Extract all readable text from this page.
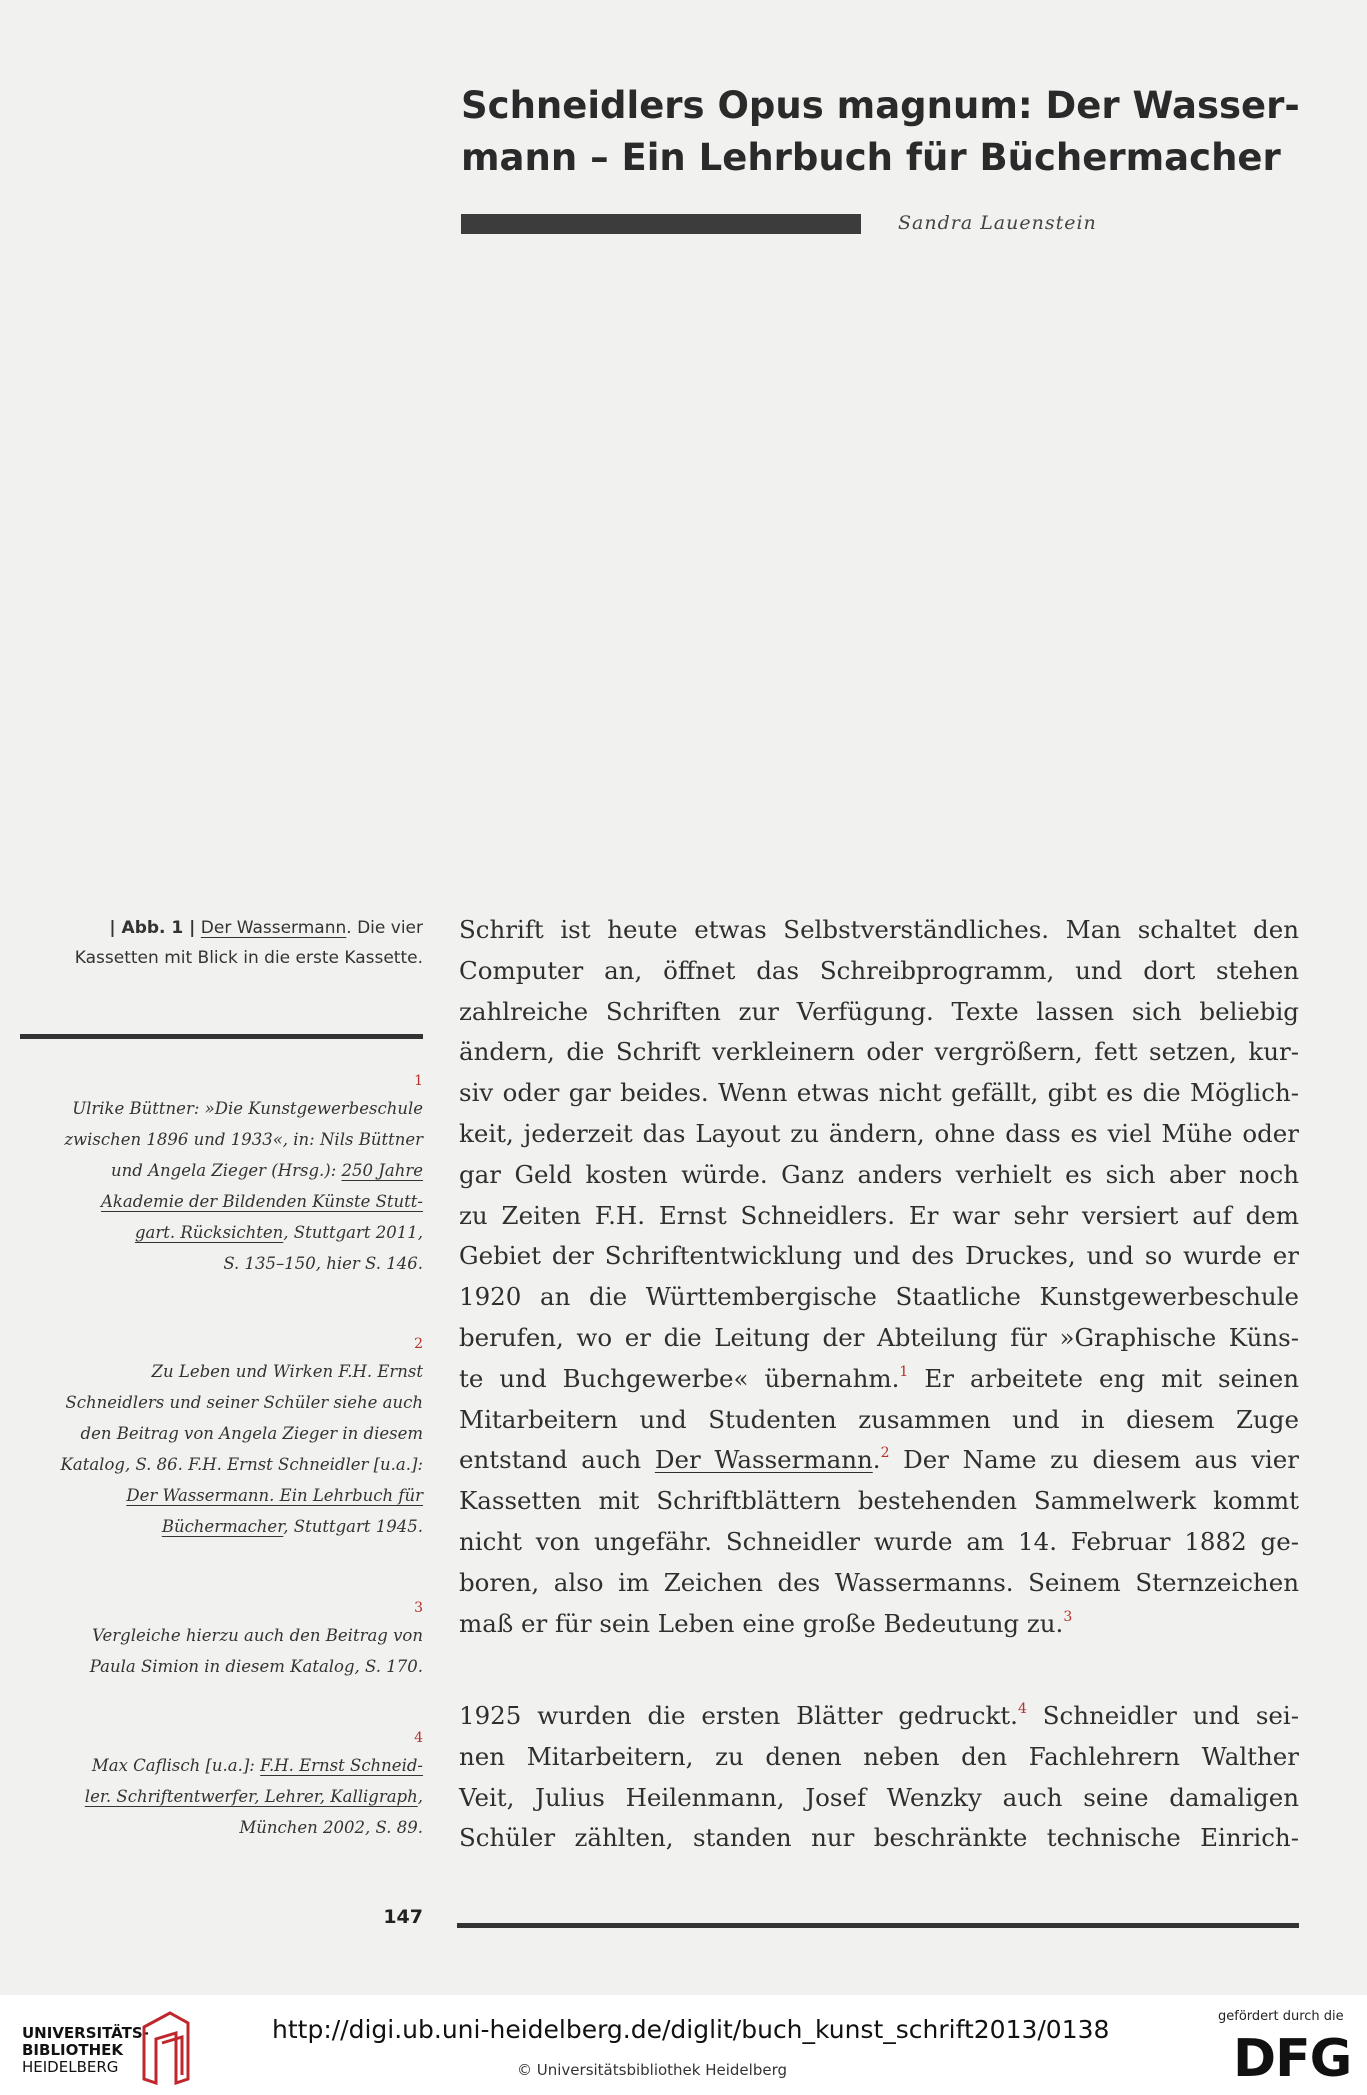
Schneidlers Opus magnum: Der Wasser-
mann – Ein Lehrbuch für Büchermacher
Sandra Lauenstein
| Abb. 1 | Der Wassermann. Die vier
Kassetten mit Blick in die erste Kassette.
1
Ulrike Büttner: »Die Kunstgewerbeschule
zwischen 1896 und 1933«, in: Nils Büttner
und Angela Zieger (Hrsg.): 250 Jahre
Akademie der Bildenden Künste Stutt-
gart. Rücksichten, Stuttgart 2011,
S. 135–150, hier S. 146.
2
Zu Leben und Wirken F.H. Ernst
Schneidlers und seiner Schüler siehe auch
den Beitrag von Angela Zieger in diesem
Katalog, S. 86. F.H. Ernst Schneidler [u.a.]:
Der Wassermann. Ein Lehrbuch für
Büchermacher, Stuttgart 1945.
3
Vergleiche hierzu auch den Beitrag von
Paula Simion in diesem Katalog, S. 170.
4
Max Caflisch [u.a.]: F.H. Ernst Schneid-
ler. Schriftentwerfer, Lehrer, Kalligraph,
München 2002, S. 89.
Schrift ist heute etwas Selbstverständliches. Man schaltet den
Computer an, öffnet das Schreibprogramm, und dort stehen
zahlreiche Schriften zur Verfügung. Texte lassen sich beliebig
ändern, die Schrift verkleinern oder vergrößern, fett setzen, kur-
siv oder gar beides. Wenn etwas nicht gefällt, gibt es die Möglich-
keit, jederzeit das Layout zu ändern, ohne dass es viel Mühe oder
gar Geld kosten würde. Ganz anders verhielt es sich aber noch
zu Zeiten F.H. Ernst Schneidlers. Er war sehr versiert auf dem
Gebiet der Schriftentwicklung und des Druckes, und so wurde er
1920 an die Württembergische Staatliche Kunstgewerbeschule
berufen, wo er die Leitung der Abteilung für »Graphische Küns-
te und Buchgewerbe« übernahm.$^1$ Er arbeitete eng mit seinen
Mitarbeitern und Studenten zusammen und in diesem Zuge
entstand auch Der Wassermann.$^2$ Der Name zu diesem aus vier
Kassetten mit Schriftblättern bestehenden Sammelwerk kommt
nicht von ungefähr. Schneidler wurde am 14. Februar 1882 ge-
boren, also im Zeichen des Wassermanns. Seinem Sternzeichen
maß er für sein Leben eine große Bedeutung zu.$^3$
1925 wurden die ersten Blätter gedruckt.$^4$ Schneidler und sei-
nen Mitarbeitern, zu denen neben den Fachlehrern Walther
Veit, Julius Heilenmann, Josef Wenzky auch seine damaligen
Schüler zählten, standen nur beschränkte technische Einrich-
147
UNIVERSITÄTS-
BIBLIOTHEK
HEIDELBERG
http://digi.ub.uni-heidelberg.de/diglit/buch_kunst_schrift2013/0138
© Universitätsbibliothek Heidelberg
gefördert durch die
DFG
